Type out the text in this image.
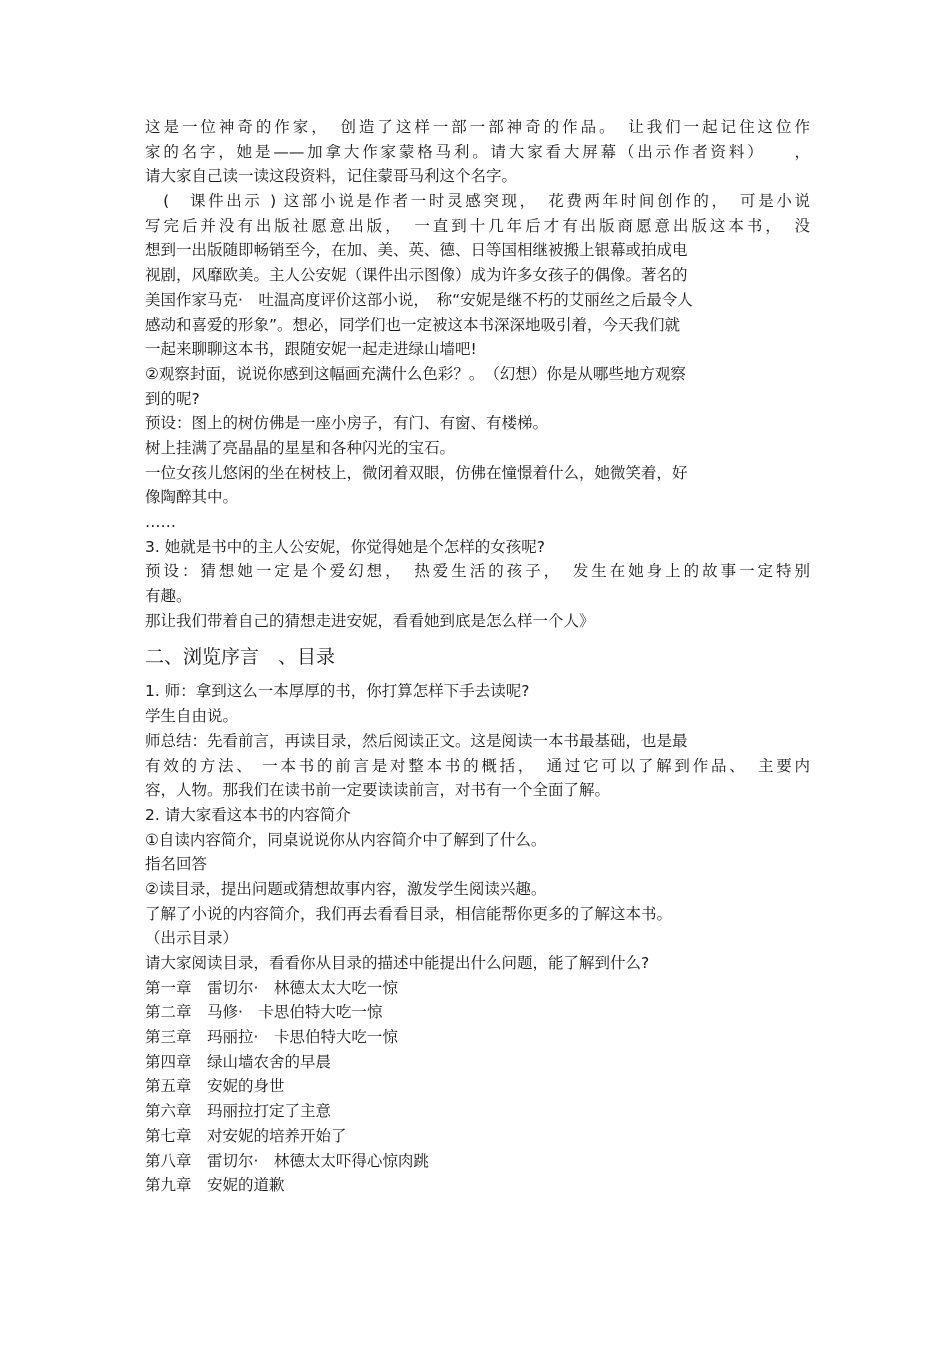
这是一位神奇的作家，　创造了这样一部一部神奇的作品。　让我们一起记住这位作
家的名字，她是——加拿大作家蒙格马利。请大家看大屏幕（出示作者资料）　　，
请大家自己读一读这段资料，记住蒙哥马利这个名字。
　(　课件出示 ) 这部小说是作者一时灵感突现，　花费两年时间创作的，　可是小说
写完后并没有出版社愿意出版，　一直到十几年后才有出版商愿意出版这本书，　没
想到一出版随即畅销至今，在加、美、英、德、日等国相继被搬上银幕或拍成电
视剧，风靡欧美。主人公安妮（课件出示图像）成为许多女孩子的偶像。著名的
美国作家马克·　吐温高度评价这部小说，　称“安妮是继不朽的艾丽丝之后最令人
感动和喜爱的形象”。想必，同学们也一定被这本书深深地吸引着，今天我们就
一起来聊聊这本书，跟随安妮一起走进绿山墙吧!
②观察封面，说说你感到这幅画充满什么色彩？。　（幻想）你是从哪些地方观察
到的呢?
预设：图上的树仿佛是一座小房子，有门、有窗、有楼梯。
树上挂满了亮晶晶的星星和各种闪光的宝石。
一位女孩儿悠闲的坐在树枝上，微闭着双眼，仿佛在憧憬着什么，她微笑着，好
像陶醉其中。
……
3. 她就是书中的主人公安妮，你觉得她是个怎样的女孩呢?
预设：猜想她一定是个爱幻想，　热爱生活的孩子，　发生在她身上的故事一定特别
有趣。
那让我们带着自己的猜想走进安妮，看看她到底是怎么样一个人》
二、浏览序言　、目录
1. 师：拿到这么一本厚厚的书，你打算怎样下手去读呢?
学生自由说。
师总结：先看前言，再读目录，然后阅读正文。这是阅读一本书最基础，也是最
有效的方法、 一本书的前言是对整本书的概括，　通过它可以了解到作品、　主要内
容，人物。那我们在读书前一定要读读前言，对书有一个全面了解。
2. 请大家看这本书的内容简介
①自读内容简介，同桌说说你从内容简介中了解到了什么。
指名回答
②读目录，提出问题或猜想故事内容，激发学生阅读兴趣。
了解了小说的内容简介，我们再去看看目录，相信能帮你更多的了解这本书。
（出示目录）
请大家阅读目录，看看你从目录的描述中能提出什么问题，能了解到什么?
第一章　雷切尔·　林德太太大吃一惊
第二章　马修·　卡思伯特大吃一惊
第三章　玛丽拉·　卡思伯特大吃一惊
第四章　绿山墙农舍的早晨
第五章　安妮的身世
第六章　玛丽拉打定了主意
第七章　对安妮的培养开始了
第八章　雷切尔·　林德太太吓得心惊肉跳
第九章　安妮的道歉
